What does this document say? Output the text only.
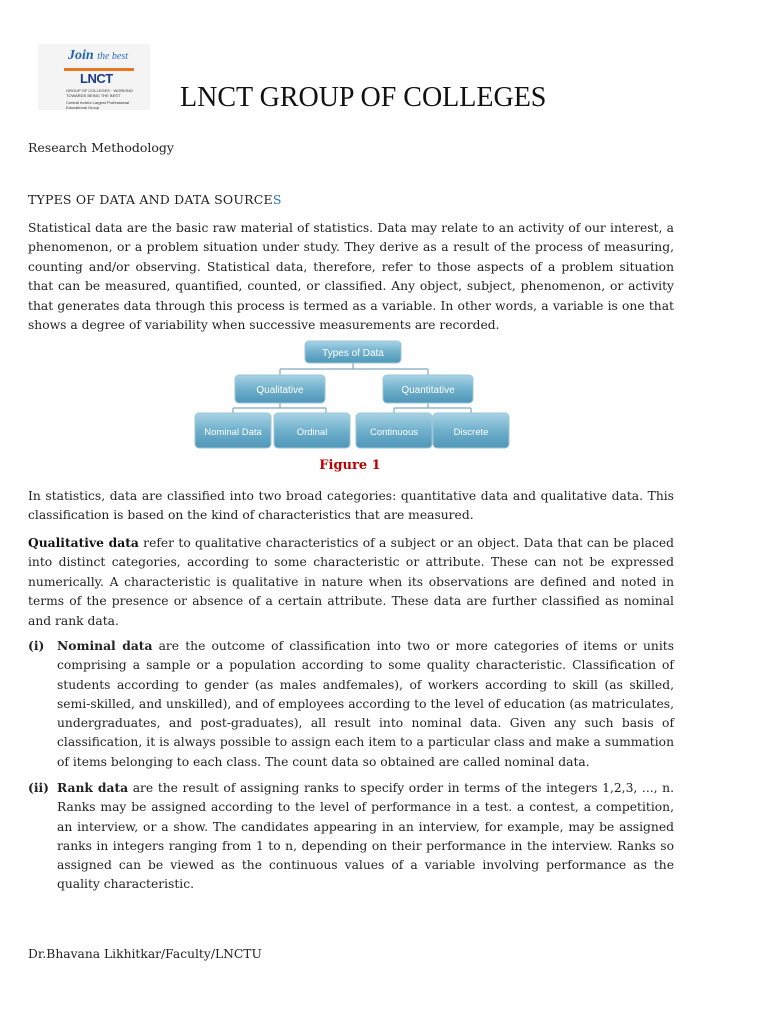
Join the best
LNCT
GROUP OF COLLEGES · WORKING TOWARDS BEING THE BEST
Central India's Largest Professional Educational Group	LNCT GROUP OF COLLEGES
Research Methodology
TYPES OF DATA AND DATA SOURCES

Statistical data are the basic raw material of statistics. Data may relate to an activity of our interest, a phenomenon, or a problem situation under study. They derive as a result of the process of measuring, counting and/or observing. Statistical data, therefore, refer to those aspects of a problem situation that can be measured, quantified, counted, or classified. Any object, subject, phenomenon, or activity that generates data through this process is termed as a variable. In other words, a variable is one that shows a degree of variability when successive measurements are recorded.

Types of Data
Qualitative	Quantitative
Nominal Data	Ordinal	Continuous	Discrete
Figure 1

In statistics, data are classified into two broad categories: quantitative data and qualitative data. This classification is based on the kind of characteristics that are measured.

Qualitative data refer to qualitative characteristics of a subject or an object. Data that can be placed into distinct categories, according to some characteristic or attribute. These can not be expressed numerically. A characteristic is qualitative in nature when its observations are defined and noted in terms of the presence or absence of a certain attribute. These data are further classified as nominal and rank data.

(i) Nominal data are the outcome of classification into two or more categories of items or units comprising a sample or a population according to some quality characteristic. Classification of students according to gender (as males andfemales), of workers according to skill (as skilled, semi-skilled, and unskilled), and of employees according to the level of education (as matriculates, undergraduates, and post-graduates), all result into nominal data. Given any such basis of classification, it is always possible to assign each item to a particular class and make a summation of items belonging to each class. The count data so obtained are called nominal data.
(ii) Rank data are the result of assigning ranks to specify order in terms of the integers 1,2,3, ..., n. Ranks may be assigned according to the level of performance in a test. a contest, a competition, an interview, or a show. The candidates appearing in an interview, for example, may be assigned ranks in integers ranging from 1 to n, depending on their performance in the interview. Ranks so assigned can be viewed as the continuous values of a variable involving performance as the quality characteristic.
Dr.Bhavana Likhitkar/Faculty/LNCTU
